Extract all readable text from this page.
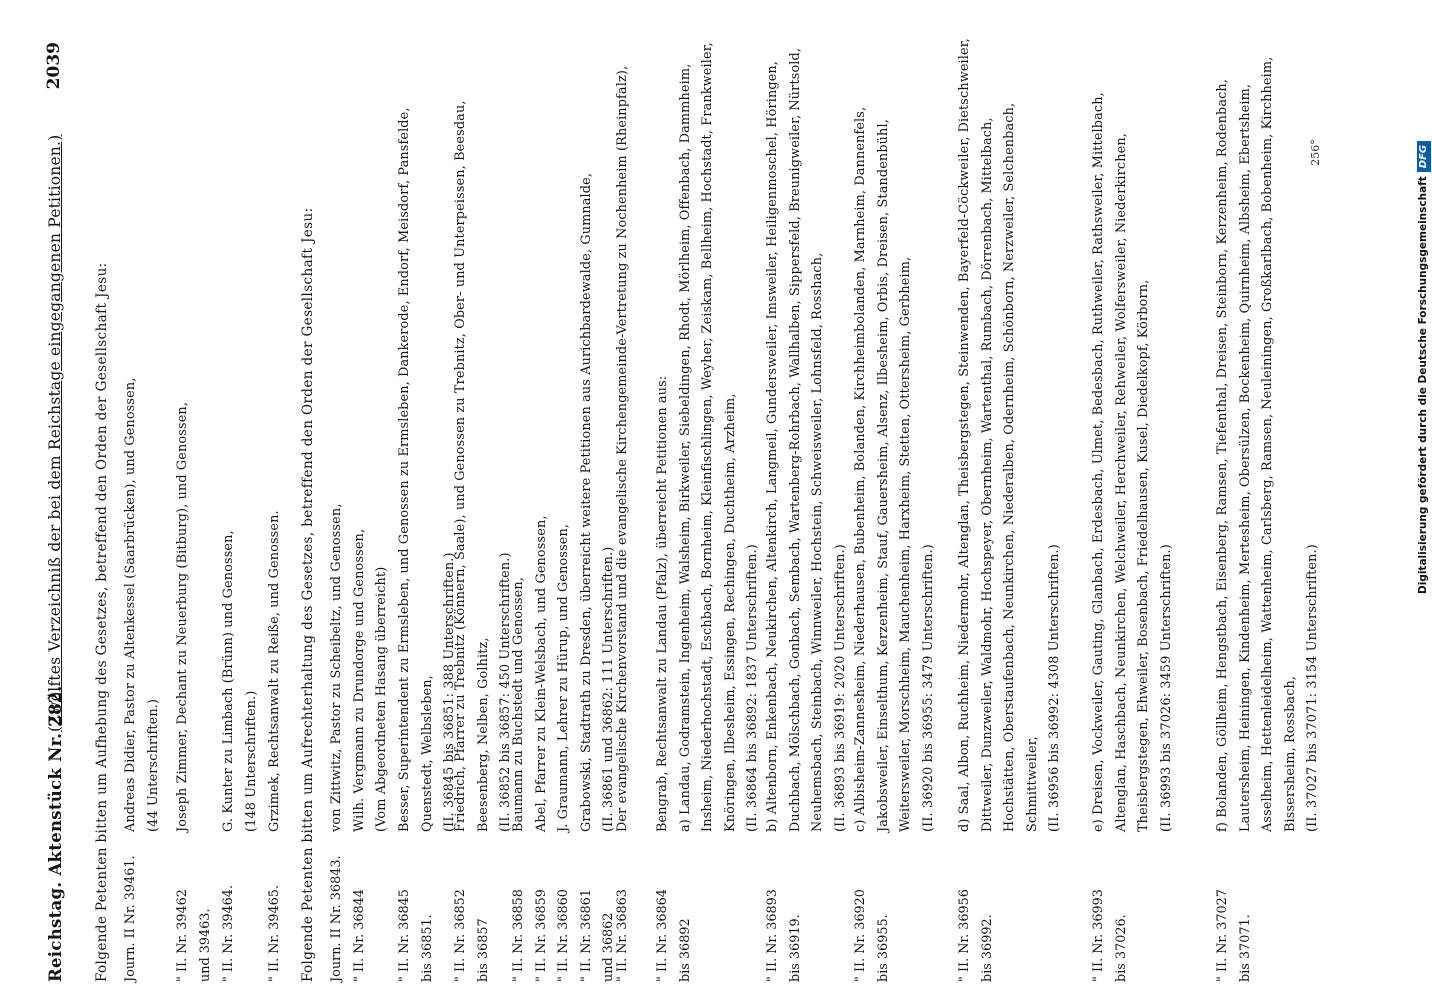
Reichstag. Aktenstück Nr. 282.
(Zwölftes Verzeichniß der bei dem Reichstage eingegangenen Petitionen.)
2039
Folgende Petenten bitten um Aufhebung des Gesetzes, betreffend den Orden der Gesellschaft Jesu: Journ. II Nr. 39461.
Andreas Didier, Pastor zu Altenkessel (Saarbrücken), und Genossen,
(44 Unterschriften.)
" II. Nr. 39462
und 39463.
Joseph Zimmer, Dechant zu Neuerburg (Bitburg), und Genossen,
" II. Nr. 39464.
G. Kunter zu Limbach (Brünn) und Genossen,
(148 Unterschriften.)
" II. Nr. 39465.
Grzimek, Rechtsanwalt zu Reiße, und Genossen.	Folgende Petenten bitten um Aufrechterhaltung des Gesetzes, betreffend den Orden der Gesellschaft Jesu: Journ. II Nr. 36843.
" II. Nr. 36844
von Zittwitz, Pastor zu Scheibeltz, und Genossen,
Wilh. Vergmann zu Drundorge und Genossen,
(Vom Abgeordneten Hasang überreicht)
" II. Nr. 36845
bis 36851.
Besser, Superintendent zu Ermsleben, und Genossen zu Ermsleben, Dankerode, Endorf, Meisdorf, Pansfelde, Quenstedt, Welbsleben,
(II. 36845 bis 36851: 388 Unterschriften.)
" II. Nr. 36852
bis 36857
Friedrich, Pfarrer zu Trebnitz (Könnern, Saale), und Genossen zu Trebnitz, Ober- und Unterpeissen, Beesdau, Beesenberg, Nelben, Golhitz,
(II. 36852 bis 36857: 450 Unterschriften.)
" II. Nr. 36858
" II. Nr. 36859
" II. Nr. 36860
" II. Nr. 36861
und 36862
Baumann zu Buchstedt und Genossen,
Abel, Pfarrer zu Klein-Welsbach, und Genossen,
J. Graumann, Lehrer zu Hürup, und Genossen,
Grabowski, Stadtrath zu Dresden, überreicht weitere Petitionen aus Aurichbardewalde, Gumnalde,
(II. 36861 und 36862: 111 Unterschriften.)
" II. Nr. 36863
Der evangelische Kirchenvorstand und die evangelische Kirchengemeinde-Vertretung zu Nochenheim (Rheinpfalz),
" II. Nr. 36864
bis 36892
Bengrab, Rechtsanwalt zu Landau (Pfalz), überreicht Petitionen aus:
a) Landau, Godramstein, Ingenheim, Walsheim, Birkweiler, Siebeldingen, Rhodt, Mörlheim, Offenbach, Dammheim, Insheim, Niederhochstadt, Eschbach, Bornheim, Kleinfischlingen, Weyher, Zeiskam, Bellheim, Hochstadt, Frankweiler, Knöringen, Ilbesheim, Essingen, Rechingen, Duchtheim, Arzheim,
(II. 36864 bis 36892: 1837 Unterschriften.)
" II. Nr. 36893
bis 36919.
b) Altenborn, Enkenbach, Neukirchen, Altenkirch, Langmeil, Gundersweiler, Imsweiler, Heiligenmoschel, Höringen, Duchbach, Mölschbach, Gonbach, Sembach, Wartenberg-Rohrbach, Wallhalben, Sippersfeld, Breunigweiler, Nürtsold, Neuhemsbach, Steinbach, Winnweiler, Hochstein, Schweisweiler, Lohnsfeld, Rosshach,
(II. 36893 bis 36919: 2020 Unterschriften.)
" II. Nr. 36920
bis 36955.
c) Albisheim-Zannesheim, Niederhausen, Bubenheim, Bolanden, Kirchheimbolanden, Marnheim, Dannenfels, Jakobsweiler, Einselthum, Kerzenheim, Stauf, Gauersheim, Alsenz, Ilbesheim, Orbis, Dreisen, Standenbühl, Weitersweiler, Morschheim, Mauchenheim, Harxheim, Stetten, Ottersheim, Gerbheim,
(II. 36920 bis 36955: 3479 Unterschriften.)
" II. Nr. 36956
bis 36992.
d) Saal, Albon, Ruchheim, Niedermohr, Altenglan, Theisbergstegen, Steinwenden, Bayerfeld-Cöckweiler, Dietschweiler, Dittweiler, Dunzweiler, Waldmohr, Hochspeyer, Obernheim, Wartenthal, Rumbach, Dörrenbach, Mittelbach, Hochstätten, Oberstaufenbach, Neunkirchen, Niederalben, Odernheim, Schönborn, Nerzweiler, Selchenbach, Schmittweiler,
(II. 36956 bis 36992: 4308 Unterschriften.)
" II. Nr. 36993
bis 37026.
e) Dreisen, Vockweiler, Gauting, Glanbach, Erdesbach, Ulmet, Bedesbach, Ruthweiler, Rathsweiler, Mittelbach, Altenglan, Haschbach, Neunkirchen, Welchweiler, Herchweiler, Rehweiler, Wolfersweiler, Niederkirchen, Theisbergstegen, Ehweiler, Bosenbach, Friedelhausen, Kusel, Diedelkopf, Körborn,
(II. 36993 bis 37026: 3459 Unterschriften.)
" II. Nr. 37027
bis 37071.
f) Bolanden, Göllheim, Hengstbach, Eisenberg, Ramsen, Tiefenthal, Dreisen, Steinborn, Kerzenheim, Rodenbach, Lautersheim, Heiningen, Kindenheim, Mertesheim, Obersülzen, Bockenheim, Quirnheim, Albsheim, Ebertsheim, Asselheim, Hettenleidelheim, Wattenheim, Carlsberg, Ramsen, Neuleiningen, Großkarlbach, Bobenheim, Kirchheim, Bissersheim, Rossbach,
(II. 37027 bis 37071: 3154 Unterschriften.)
256°
Digitalisierung gefördert durch die Deutsche ForschungsgemeinschaftDFG
